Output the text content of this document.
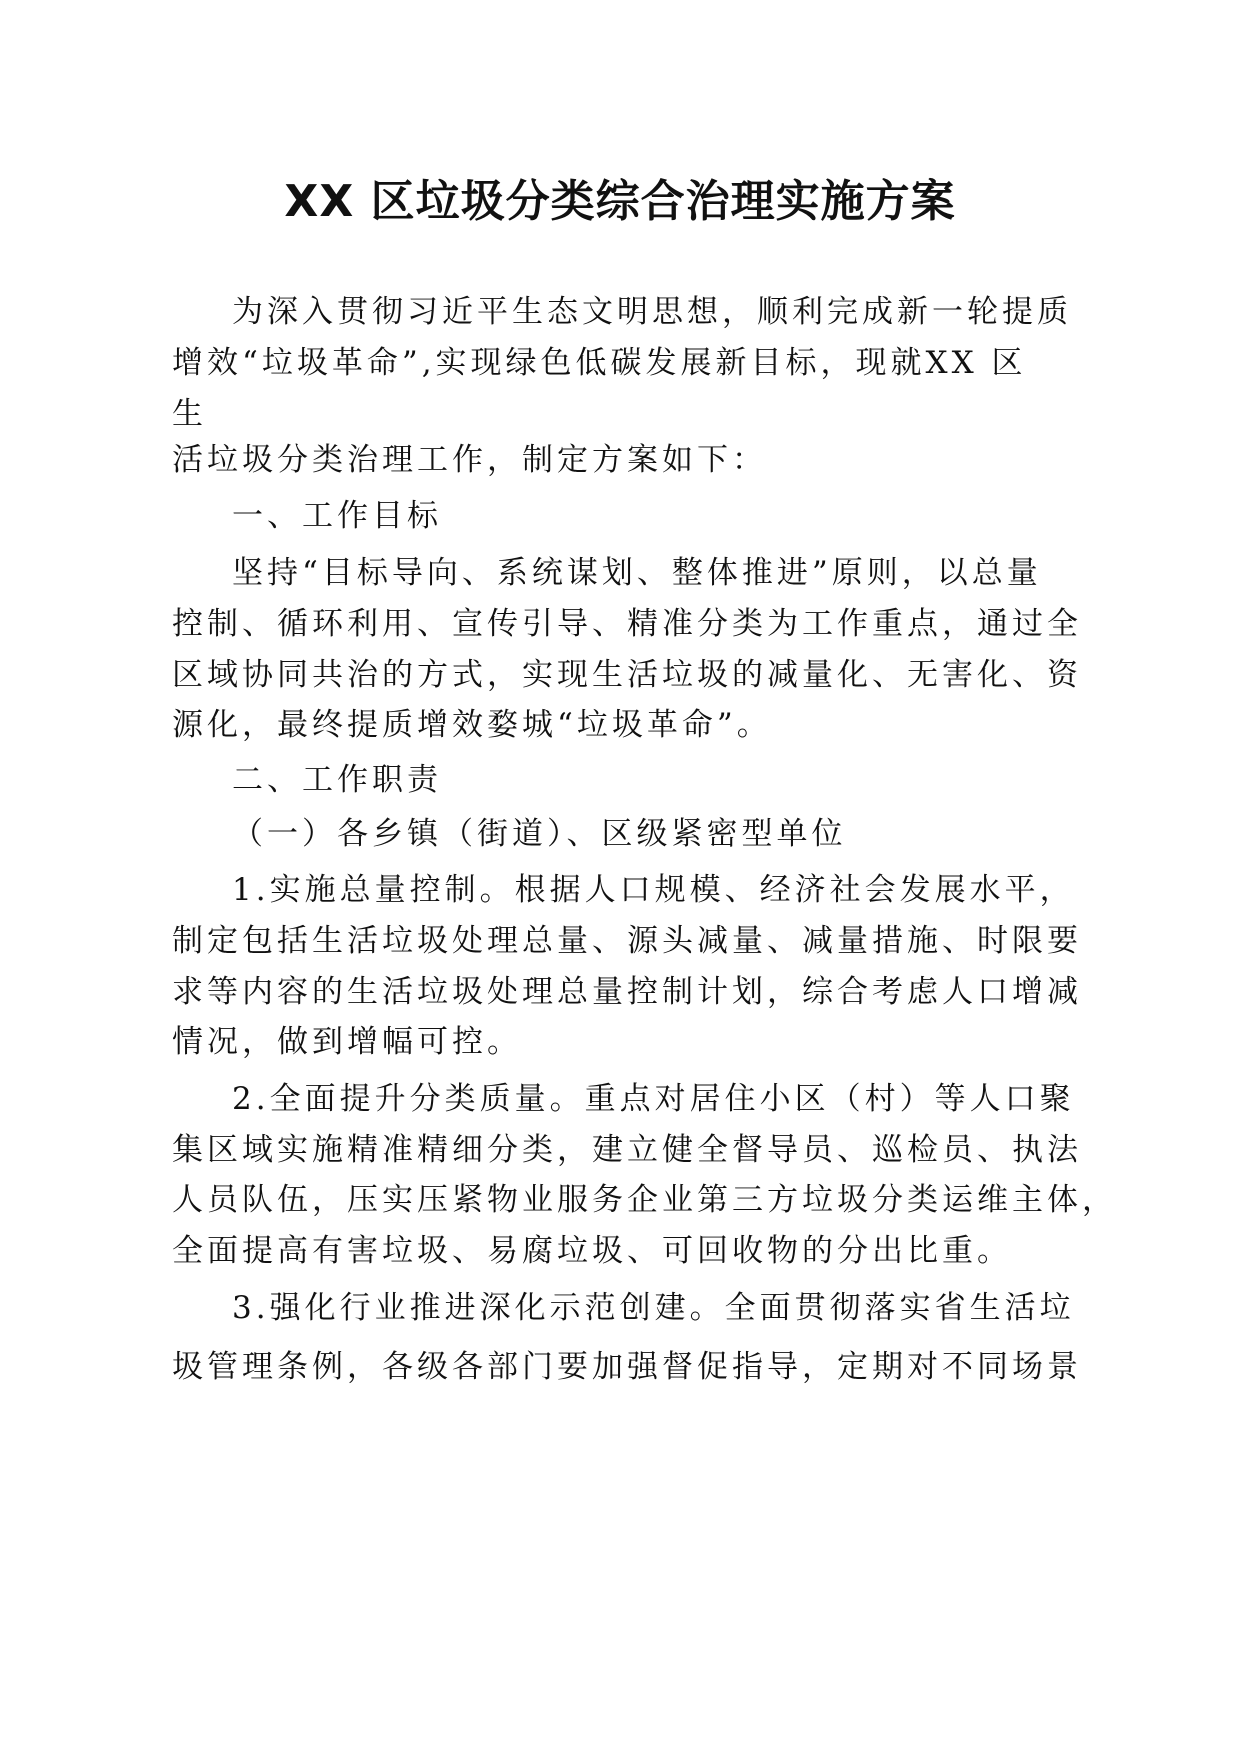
XX 区垃圾分类综合治理实施方案
为深入贯彻习近平生态文明思想，顺利完成新一轮提质
增效“垃圾革命”,实现绿色低碳发展新目标，现就XX 区
生
活垃圾分类治理工作，制定方案如下：
一、工作目标
坚持“目标导向、系统谋划、整体推进”原则，以总量
控制、循环利用、宣传引导、精准分类为工作重点，通过全
区域协同共治的方式，实现生活垃圾的减量化、无害化、资
源化，最终提质增效婺城“垃圾革命”。
二、工作职责
（一）各乡镇（街道）、区级紧密型单位
1.实施总量控制。根据人口规模、经济社会发展水平，
制定包括生活垃圾处理总量、源头减量、减量措施、时限要
求等内容的生活垃圾处理总量控制计划，综合考虑人口增减
情况，做到增幅可控。
2.全面提升分类质量。重点对居住小区（村）等人口聚
集区域实施精准精细分类，建立健全督导员、巡检员、执法
人员队伍，压实压紧物业服务企业第三方垃圾分类运维主体，
全面提高有害垃圾、易腐垃圾、可回收物的分出比重。
3.强化行业推进深化示范创建。全面贯彻落实省生活垃
圾管理条例，各级各部门要加强督促指导，定期对不同场景
